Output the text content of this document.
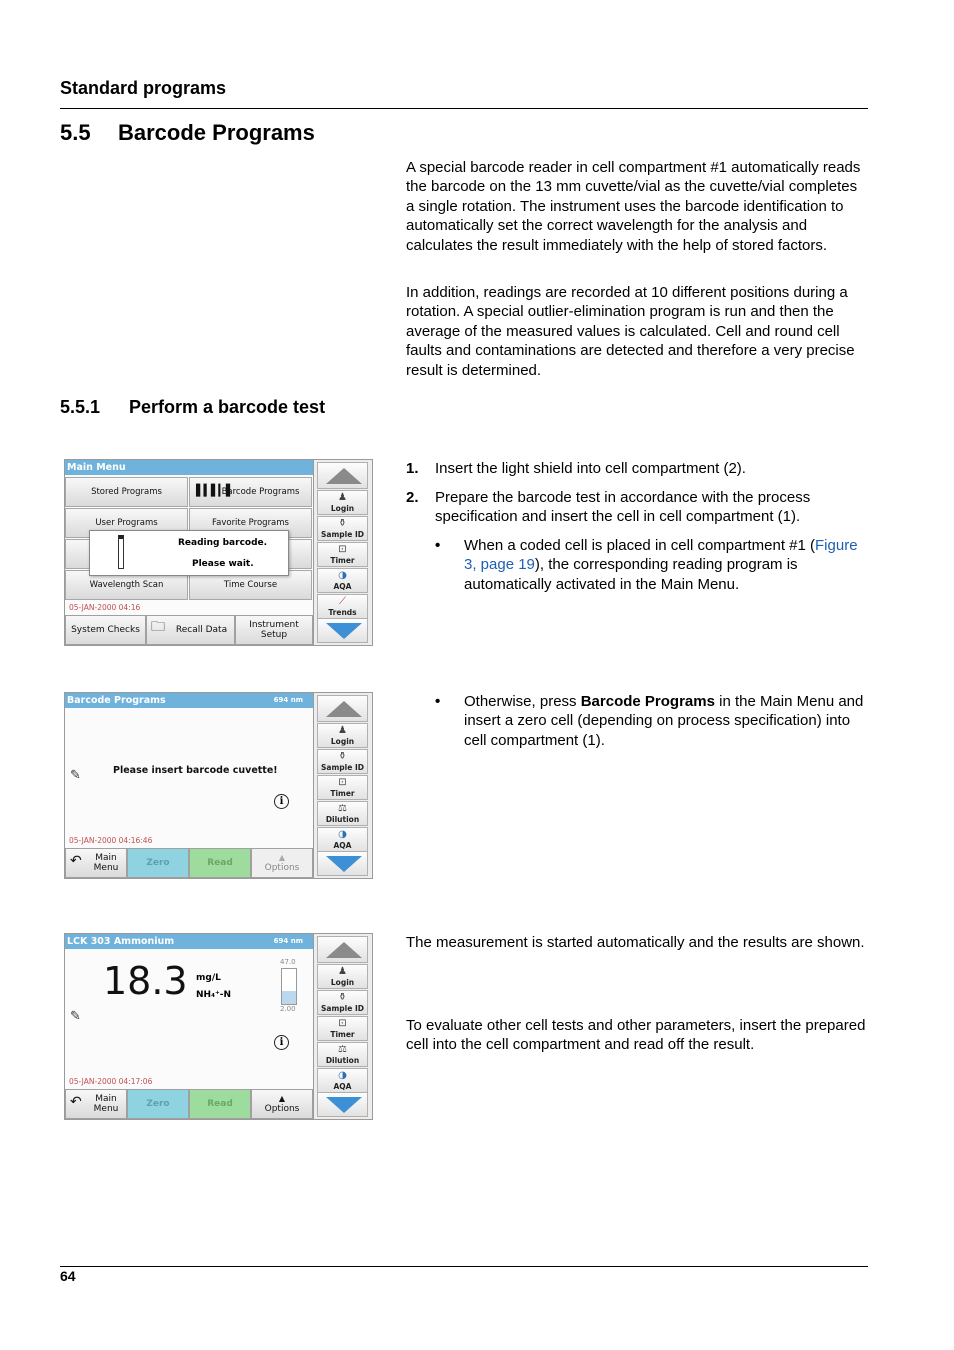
Standard programs
5.5 Barcode Programs
A special barcode reader in cell compartment #1 automatically reads the barcode on the 13 mm cuvette/vial as the cuvette/vial completes a single rotation. The instrument uses the barcode identification to automatically set the correct wavelength for the analysis and calculates the result immediately with the help of stored factors.
In addition, readings are recorded at 10 different positions during a rotation. A special outlier-elimination program is run and then the average of the measured values is calculated. Cell and round cell faults and contaminations are detected and therefore a very precise result is determined.
5.5.1 Perform a barcode test
1. Insert the light shield into cell compartment (2).
2. Prepare the barcode test in accordance with the process specification and insert the cell in cell compartment (1).
• When a coded cell is placed in cell compartment #1 (Figure 3, page 19), the corresponding reading program is automatically activated in the Main Menu.
• Otherwise, press Barcode Programs in the Main Menu and insert a zero cell (depending on process specification) into cell compartment (1).
The measurement is started automatically and the results are shown.
To evaluate other cell tests and other parameters, insert the prepared cell into the cell compartment and read off the result.
Main Menu
Stored Programs	▌▍▌▎▌
Barcode Programs
User Programs	Favorite Programs
Wavelength Scan	Time Course
Reading barcode.
Please wait.
05-JAN-2000 04:16
System Checks 🗀 Recall Data	Instrument Setup
♟
Login
⚱
Sample ID
⊡
Timer
◑
AQA
⟋
Trends
Barcode Programs	694 nm
✎	Please insert barcode cuvette!
i
05-JAN-2000 04:16:46
↶	Main Menu	Zero	Read
▲
Options
♟
Login
⚱
Sample ID
⊡
Timer
⚖
Dilution
◑
AQA
LCK 303 Ammonium	694 nm
18.3 mg/L
NH₄⁺-N
47.0
2.00
✎
i
05-JAN-2000 04:17:06
↶	Main Menu	Zero	Read
▲
Options
♟
Login
⚱
Sample ID
⊡
Timer
⚖
Dilution
◑
AQA
64
